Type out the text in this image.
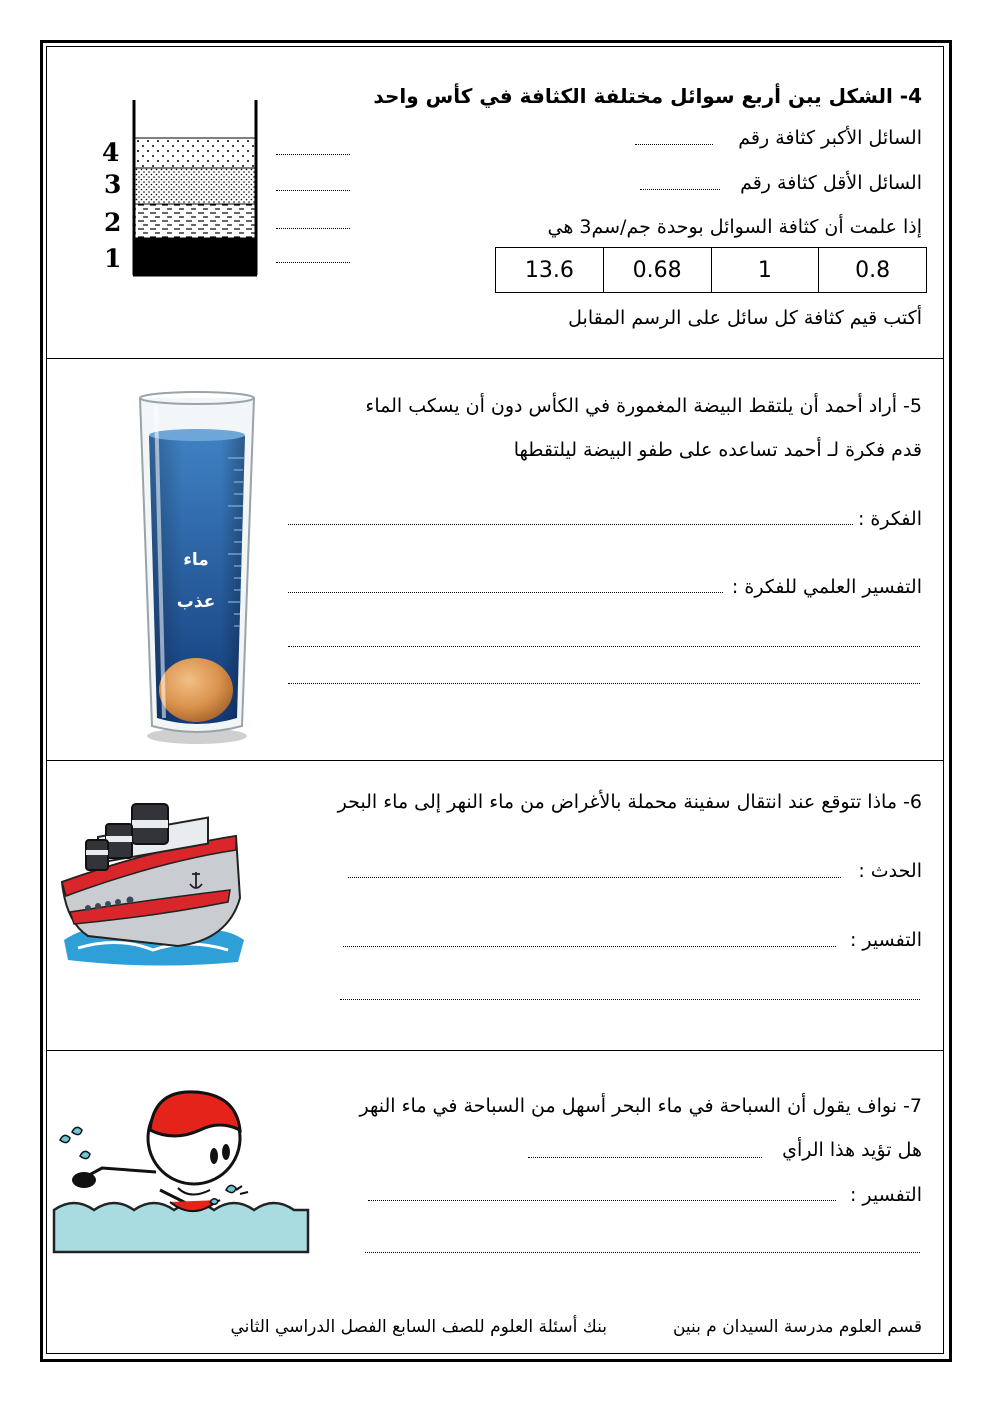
4- الشكل يبن أربع سوائل مختلفة الكثافة في كأس واحد
السائل الأكبر كثافة رقم
السائل الأقل كثافة رقم
إذا علمت أن كثافة السوائل بوحدة جم/سم3 هي
13.6	0.68	1	0.8
أكتب قيم كثافة كل سائل على الرسم المقابل
4
3
2
1
5- أراد أحمد أن يلتقط البيضة المغمورة في الكأس دون أن يسكب الماء
قدم فكرة لـ أحمد تساعده على طفو البيضة ليلتقطها
الفكرة :
التفسير العلمي للفكرة :
ماء
عذب
6- ماذا تتوقع عند انتقال سفينة محملة بالأغراض من ماء النهر إلى ماء البحر
الحدث :
التفسير :
7- نواف يقول أن السباحة في ماء البحر أسهل من السباحة في ماء النهر
هل تؤيد هذا الرأي
التفسير :
قسم العلوم مدرسة السيدان م بنين
بنك أسئلة العلوم للصف السابع الفصل الدراسي الثاني
